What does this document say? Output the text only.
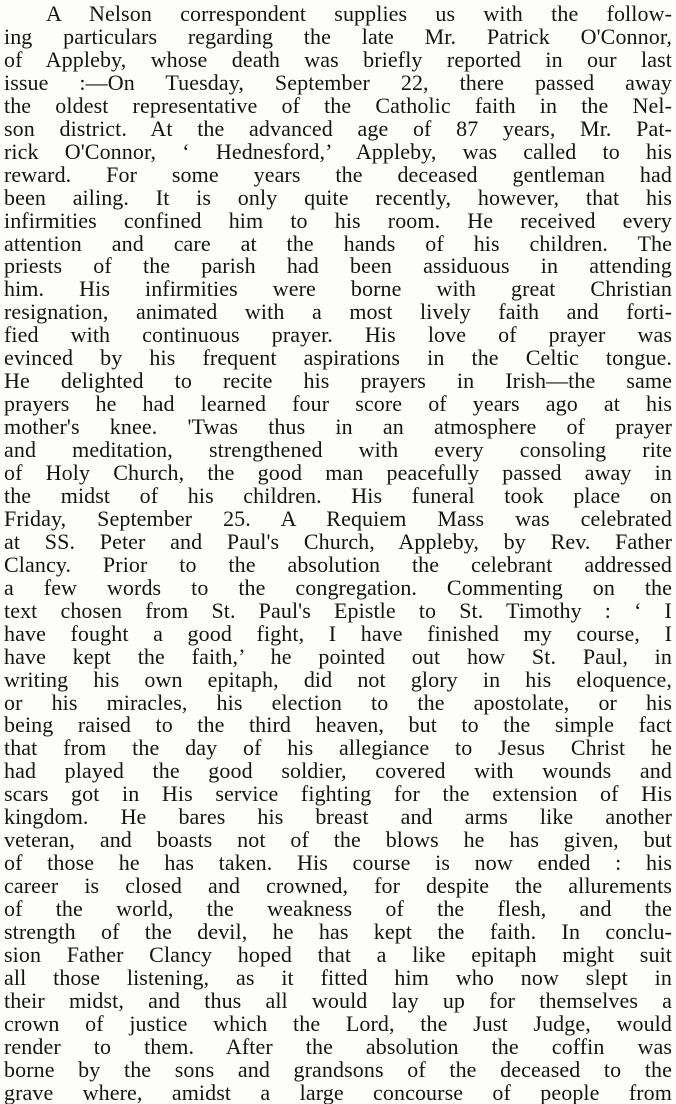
A Nelson correspondent supplies us with the follow-
ing particulars regarding the late Mr. Patrick O'Connor,
of Appleby, whose death was briefly reported in our last
issue :—On Tuesday, September 22, there passed away
the oldest representative of the Catholic faith in the Nel-
son district. At the advanced age of 87 years, Mr. Pat-
rick O'Connor, ‘ Hednesford,’ Appleby, was called to his
reward. For some years the deceased gentleman had
been ailing. It is only quite recently, however, that his
infirmities confined him to his room. He received every
attention and care at the hands of his children. The
priests of the parish had been assiduous in attending
him. His infirmities were borne with great Christian
resignation, animated with a most lively faith and forti-
fied with continuous prayer. His love of prayer was
evinced by his frequent aspirations in the Celtic tongue.
He delighted to recite his prayers in Irish—the same
prayers he had learned four score of years ago at his
mother's knee. 'Twas thus in an atmosphere of prayer
and meditation, strengthened with every consoling rite
of Holy Church, the good man peacefully passed away in
the midst of his children. His funeral took place on
Friday, September 25. A Requiem Mass was celebrated
at SS. Peter and Paul's Church, Appleby, by Rev. Father
Clancy. Prior to the absolution the celebrant addressed
a few words to the congregation. Commenting on the
text chosen from St. Paul's Epistle to St. Timothy : ‘ I
have fought a good fight, I have finished my course, I
have kept the faith,’ he pointed out how St. Paul, in
writing his own epitaph, did not glory in his eloquence,
or his miracles, his election to the apostolate, or his
being raised to the third heaven, but to the simple fact
that from the day of his allegiance to Jesus Christ he
had played the good soldier, covered with wounds and
scars got in His service fighting for the extension of His
kingdom. He bares his breast and arms like another
veteran, and boasts not of the blows he has given, but
of those he has taken. His course is now ended : his
career is closed and crowned, for despite the allurements
of the world, the weakness of the flesh, and the
strength of the devil, he has kept the faith. In conclu-
sion Father Clancy hoped that a like epitaph might suit
all those listening, as it fitted him who now slept in
their midst, and thus all would lay up for themselves a
crown of justice which the Lord, the Just Judge, would
render to them. After the absolution the coffin was
borne by the sons and grandsons of the deceased to the
grave where, amidst a large concourse of people from
